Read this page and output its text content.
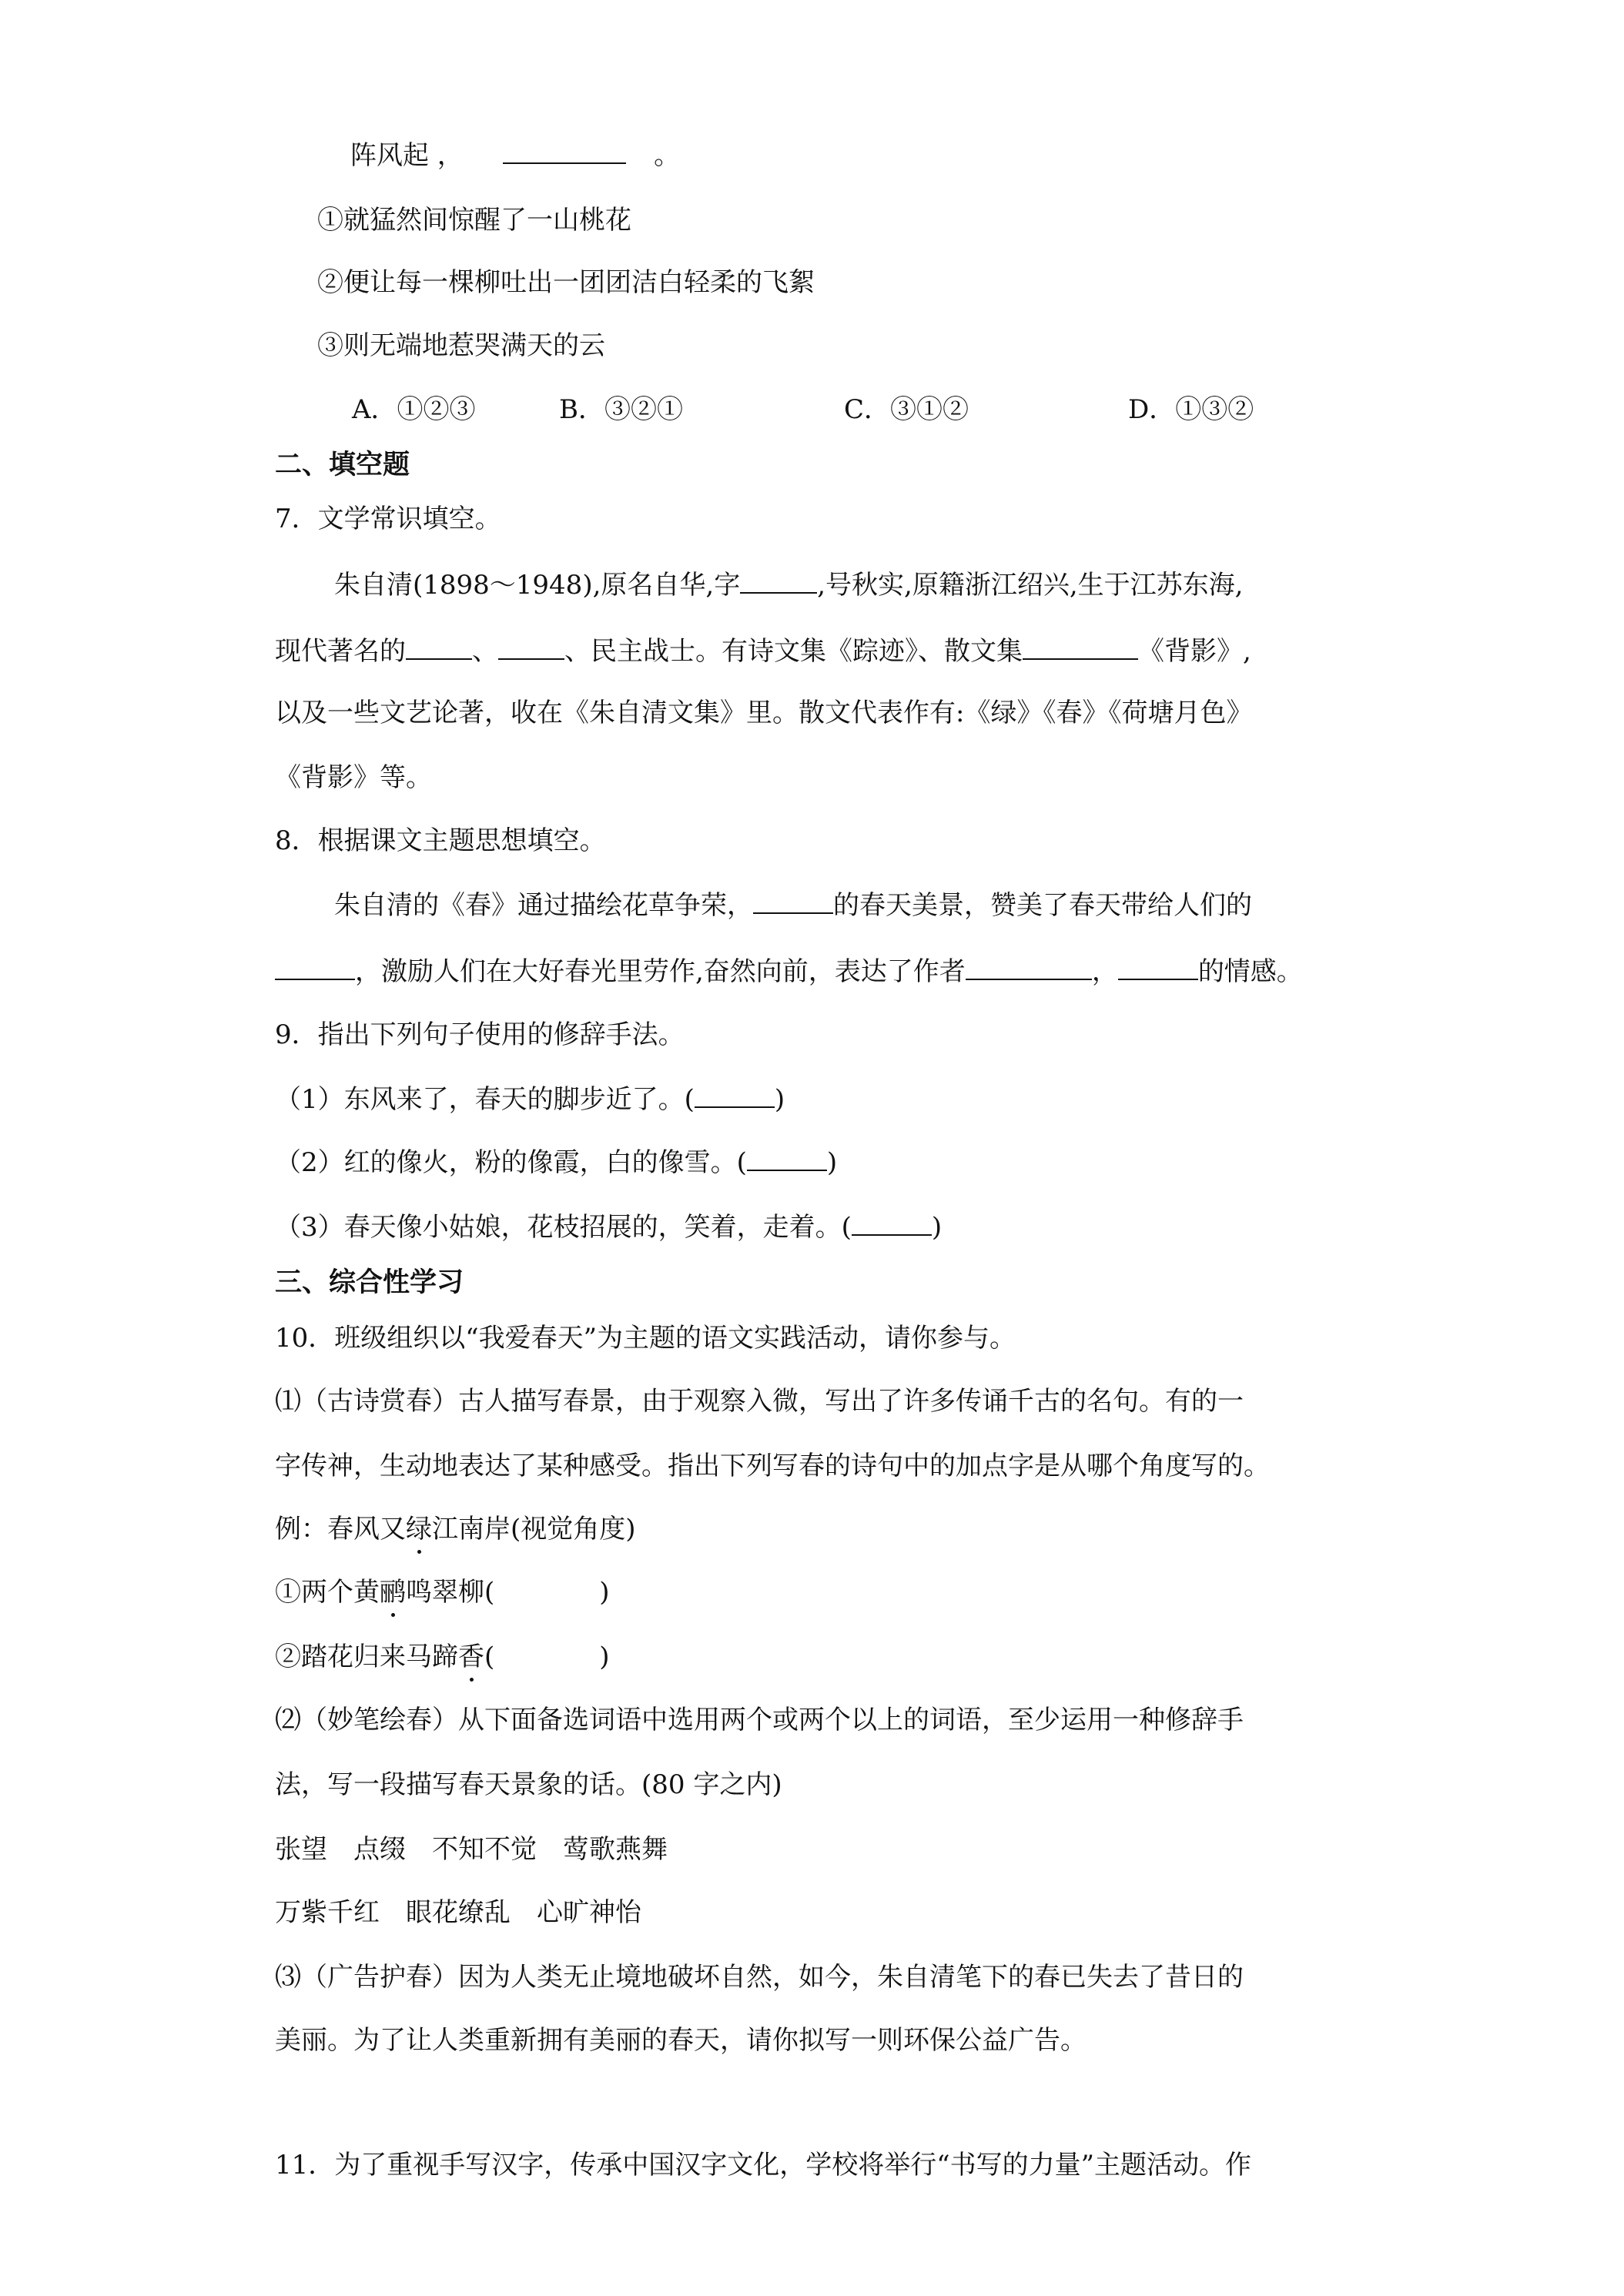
阵风起 ，	。
①就猛然间惊醒了一山桃花
②便让每一棵柳吐出一团团洁白轻柔的飞絮
③则无端地惹哭满天的云
A．①②③	B．③②①	C．③①②	D．①③②
二、填空题
7．文学常识填空。
朱自清(1898～1948),原名自华,字	,号秋实,原籍浙江绍兴,生于江苏东海,
现代著名的	、	、民主战士。有诗文集《踪迹》、散文集	《背影》,
以及一些文艺论著，收在《朱自清文集》里。散文代表作有:《绿》《春》《荷塘月色》
《背影》等。
8．根据课文主题思想填空。
朱自清的《春》通过描绘花草争荣，	的春天美景，赞美了春天带给人们的
，激励人们在大好春光里劳作,奋然向前，表达了作者	，	的情感。
9．指出下列句子使用的修辞手法。
（1）东风来了，春天的脚步近了。(	)
（2）红的像火，粉的像霞，白的像雪。(	)
（3）春天像小姑娘，花枝招展的，笑着，走着。(	)
三、综合性学习
10．班级组织以“我爱春天”为主题的语文实践活动，请你参与。
⑴（古诗赏春）古人描写春景，由于观察入微，写出了许多传诵千古的名句。有的一
字传神，生动地表达了某种感受。指出下列写春的诗句中的加点字是从哪个角度写的。
例：春风又绿江南岸(视觉角度)
①两个黄鹂鸣翠柳(	)
②踏花归来马蹄香(	)
⑵（妙笔绘春）从下面备选词语中选用两个或两个以上的词语，至少运用一种修辞手
法，写一段描写春天景象的话。(80 字之内)
张望 点缀 不知不觉 莺歌燕舞
万紫千红 眼花缭乱 心旷神怡
⑶（广告护春）因为人类无止境地破坏自然，如今，朱自清笔下的春已失去了昔日的
美丽。为了让人类重新拥有美丽的春天，请你拟写一则环保公益广告。
11．为了重视手写汉字，传承中国汉字文化，学校将举行“书写的力量”主题活动。作
